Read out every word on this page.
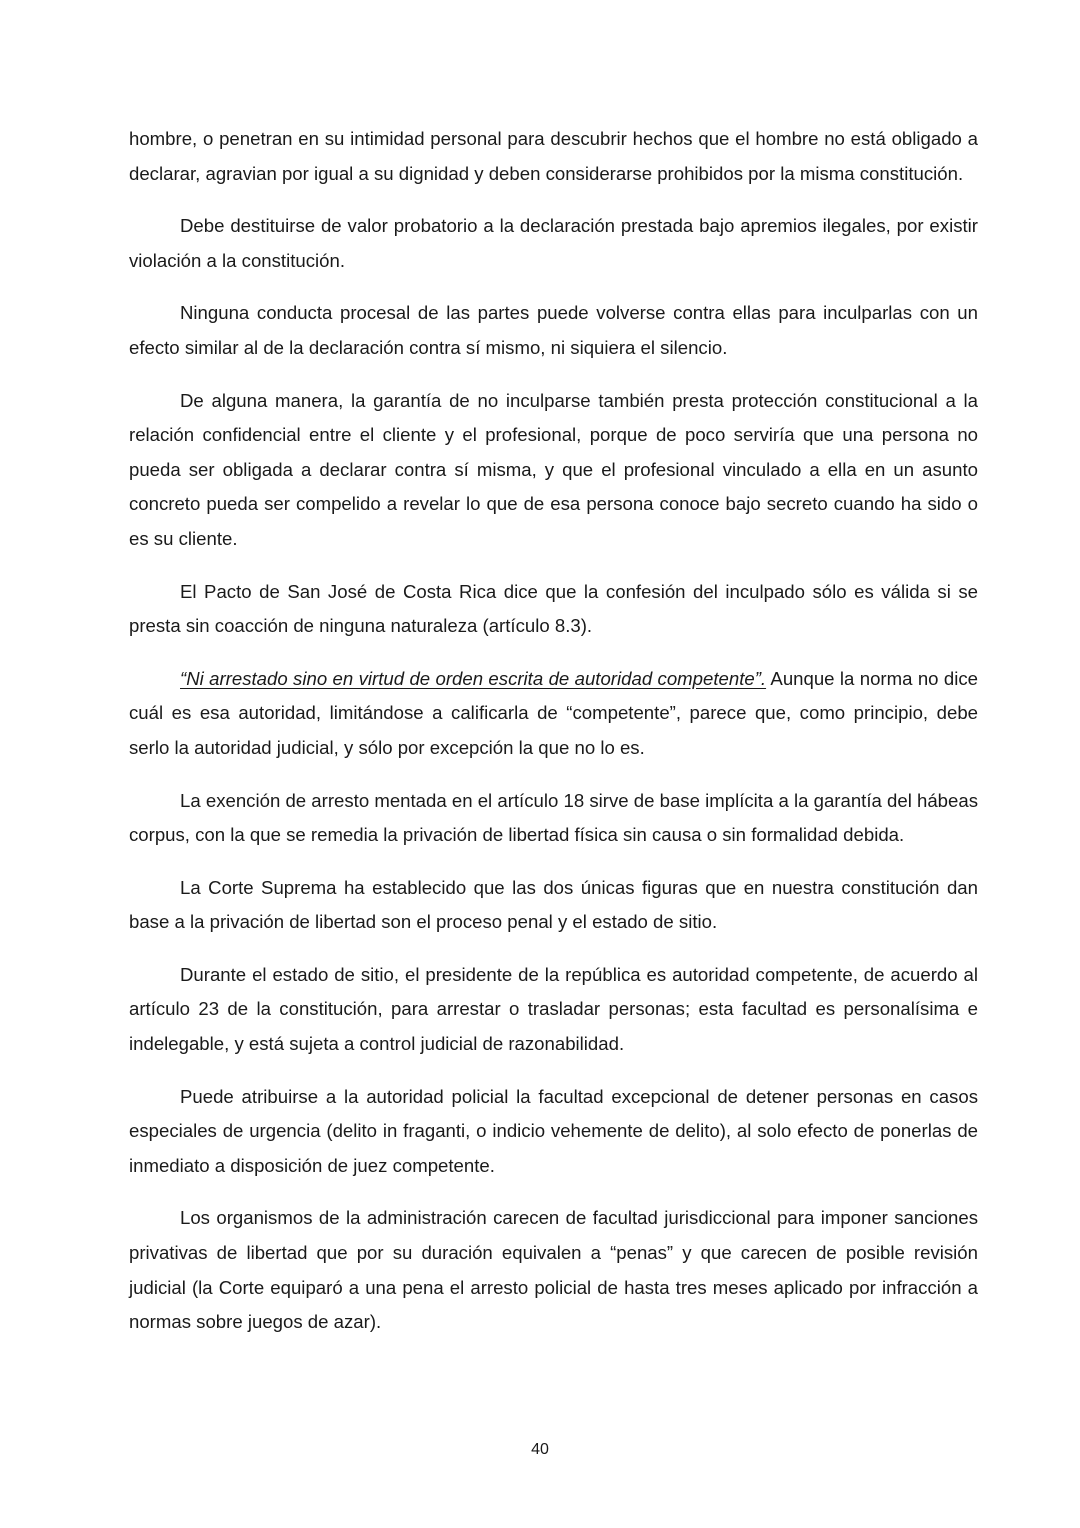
hombre, o penetran en su intimidad personal para descubrir hechos que el hombre no está obligado a declarar, agravian por igual a su dignidad y deben considerarse prohibidos por la misma constitución.

Debe destituirse de valor probatorio a la declaración prestada bajo apremios ilegales, por existir violación a la constitución.

Ninguna conducta procesal de las partes puede volverse contra ellas para inculparlas con un efecto similar al de la declaración contra sí mismo, ni siquiera el silencio.

De alguna manera, la garantía de no inculparse también presta protección constitucional a la relación confidencial entre el cliente y el profesional, porque de poco serviría que una persona no pueda ser obligada a declarar contra sí misma, y que el profesional vinculado a ella en un asunto concreto pueda ser compelido a revelar lo que de esa persona conoce bajo secreto cuando ha sido o es su cliente.

El Pacto de San José de Costa Rica dice que la confesión del inculpado sólo es válida si se presta sin coacción de ninguna naturaleza (artículo 8.3).

“Ni arrestado sino en virtud de orden escrita de autoridad competente”. Aunque la norma no dice cuál es esa autoridad, limitándose a calificarla de “competente”, parece que, como principio, debe serlo la autoridad judicial, y sólo por excepción la que no lo es.

La exención de arresto mentada en el artículo 18 sirve de base implícita a la garantía del hábeas corpus, con la que se remedia la privación de libertad física sin causa o sin formalidad debida.

La Corte Suprema ha establecido que las dos únicas figuras que en nuestra constitución dan base a la privación de libertad son el proceso penal y el estado de sitio.

Durante el estado de sitio, el presidente de la república es autoridad competente, de acuerdo al artículo 23 de la constitución, para arrestar o trasladar personas; esta facultad es personalísima e indelegable, y está sujeta a control judicial de razonabilidad.

Puede atribuirse a la autoridad policial la facultad excepcional de detener personas en casos especiales de urgencia (delito in fraganti, o indicio vehemente de delito), al solo efecto de ponerlas de inmediato a disposición de juez competente.

Los organismos de la administración carecen de facultad jurisdiccional para imponer sanciones privativas de libertad que por su duración equivalen a “penas” y que carecen de posible revisión judicial (la Corte equiparó a una pena el arresto policial de hasta tres meses aplicado por infracción a normas sobre juegos de azar).

40
